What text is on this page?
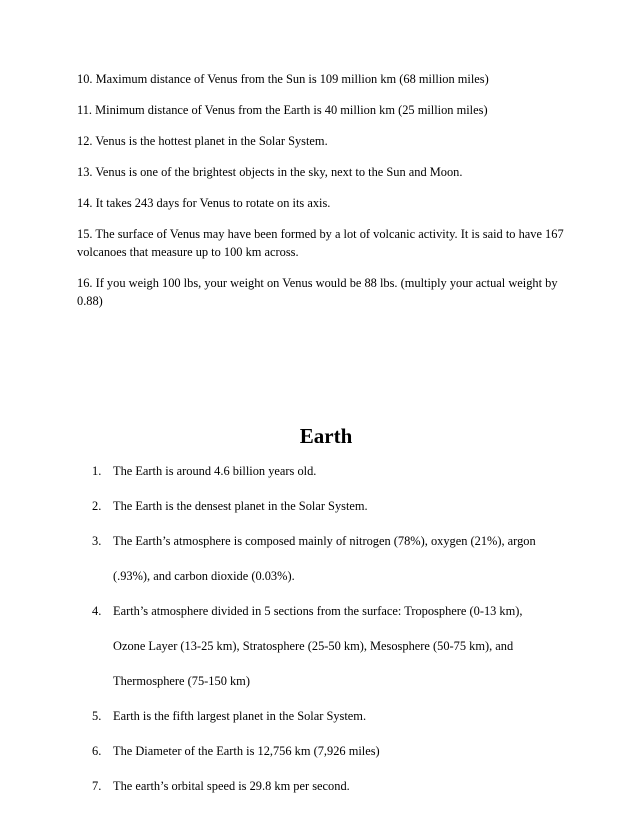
10. Maximum distance of Venus from the Sun is 109 million km (68 million miles)

11. Minimum distance of Venus from the Earth is 40 million km (25 million miles)

12. Venus is the hottest planet in the Solar System.

13. Venus is one of the brightest objects in the sky, next to the Sun and Moon.

14. It takes 243 days for Venus to rotate on its axis.

15. The surface of Venus may have been formed by a lot of volcanic activity. It is said to have 167 volcanoes that measure up to 100 km across.

16. If you weigh 100 lbs, your weight on Venus would be 88 lbs. (multiply your actual weight by 0.88)

Earth
1. The Earth is around 4.6 billion years old.

2. The Earth is the densest planet in the Solar System.

3. The Earth’s atmosphere is composed mainly of nitrogen (78%), oxygen (21%), argon

(.93%), and carbon dioxide (0.03%).

4. Earth’s atmosphere divided in 5 sections from the surface: Troposphere (0-13 km),

Ozone Layer (13-25 km), Stratosphere (25-50 km), Mesosphere (50-75 km), and

Thermosphere (75-150 km)

5. Earth is the fifth largest planet in the Solar System.

6. The Diameter of the Earth is 12,756 km (7,926 miles)

7. The earth’s orbital speed is 29.8 km per second.
